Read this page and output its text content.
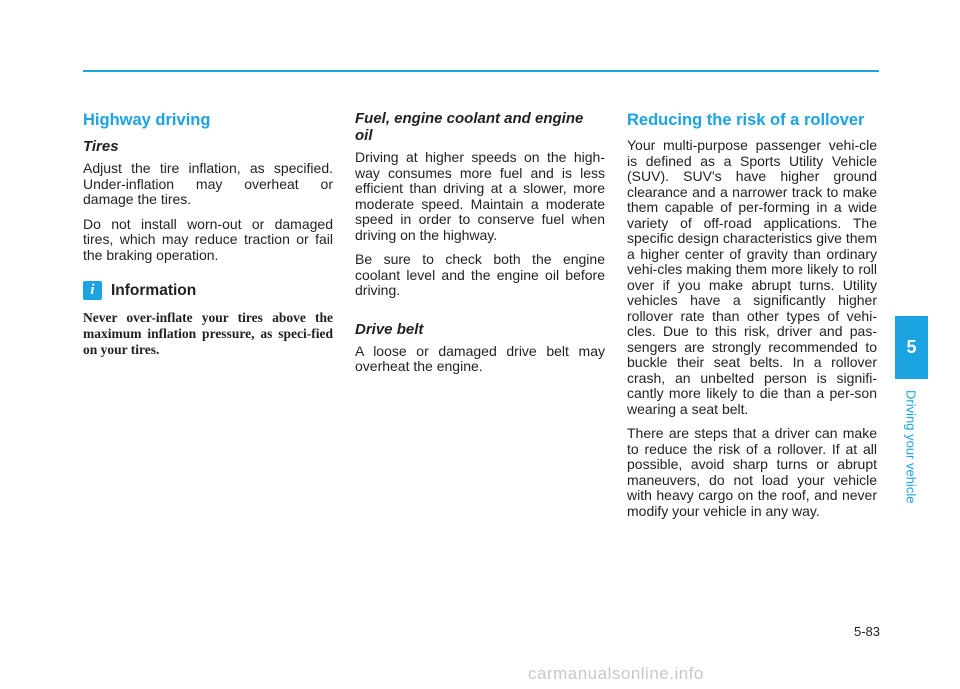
Highway driving
Tires

Adjust the tire inflation, as specified. Under-inflation may overheat or damage the tires.

Do not install worn-out or damaged tires, which may reduce traction or fail the braking operation.

i	Information

Never over-inflate your tires above the maximum inflation pressure, as speci-fied on your tires.

Fuel, engine coolant and engine oil

Driving at higher speeds on the high-way consumes more fuel and is less efficient than driving at a slower, more moderate speed. Maintain a moderate speed in order to conserve fuel when driving on the highway.

Be sure to check both the engine coolant level and the engine oil before driving.

Drive belt

A loose or damaged drive belt may overheat the engine.

Reducing the risk of a rollover

Your multi-purpose passenger vehi-cle is defined as a Sports Utility Vehicle (SUV). SUV's have higher ground clearance and a narrower track to make them capable of per-forming in a wide variety of off-road applications. The specific design characteristics give them a higher center of gravity than ordinary vehi-cles making them more likely to roll over if you make abrupt turns. Utility vehicles have a significantly higher rollover rate than other types of vehi-cles. Due to this risk, driver and pas-sengers are strongly recommended to buckle their seat belts. In a rollover crash, an unbelted person is signifi-cantly more likely to die than a per-son wearing a seat belt.

There are steps that a driver can make to reduce the risk of a rollover. If at all possible, avoid sharp turns or abrupt maneuvers, do not load your vehicle with heavy cargo on the roof, and never modify your vehicle in any way.

5
Driving your vehicle
5-83
carmanualsonline.info
